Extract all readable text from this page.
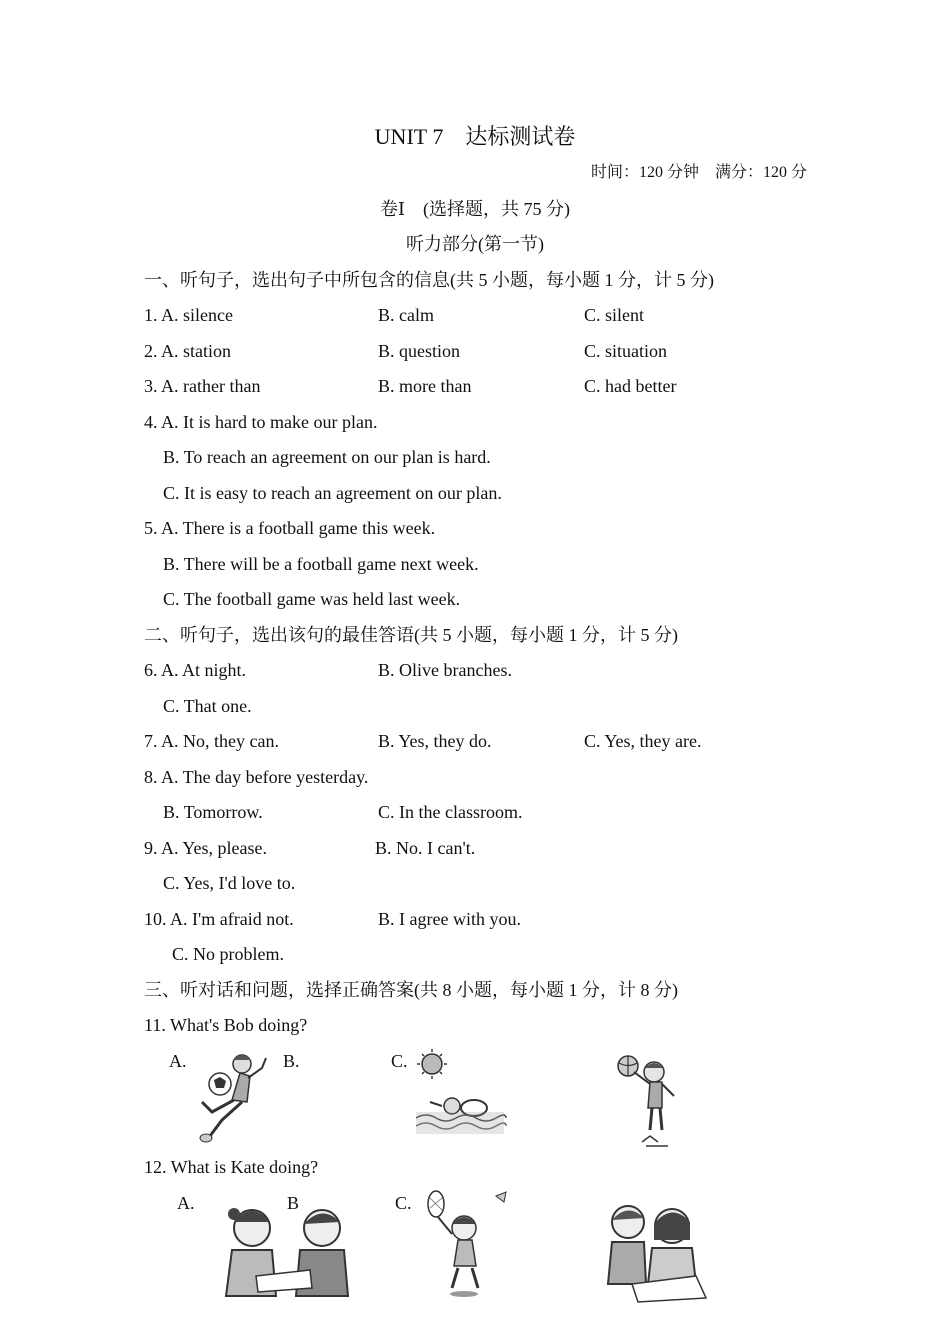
UNIT 7　达标测试卷
时间：120 分钟　满分：120 分
卷Ⅰ　(选择题，共 75 分)
听力部分(第一节)
一、听句子，选出句子中所包含的信息(共 5 小题，每小题 1 分，计 5 分)
1. A. silence	B. calm	C. silent
2. A. station	B. question	C. situation
3. A. rather than	B. more than	C. had better
4. A. It is hard to make our plan.
B. To reach an agreement on our plan is hard.
C. It is easy to reach an agreement on our plan.
5. A. There is a football game this week.
B. There will be a football game next week.
C. The football game was held last week.
二、听句子，选出该句的最佳答语(共 5 小题，每小题 1 分，计 5 分)
6. A. At night.	B. Olive branches.
C. That one.
7. A. No, they can.	B. Yes, they do.	C. Yes, they are.
8. A. The day before yesterday.
B. Tomorrow.	C. In the classroom.
9. A. Yes, please.	B. No. I can't.
C. Yes, I'd love to.
10. A. I'm afraid not.	B. I agree with you.
C. No problem.
三、听对话和问题，选择正确答案(共 8 小题，每小题 1 分，计 8 分)
11. What's Bob doing?
A.	B.	C.
12. What is Kate doing?
A.	B	C.
